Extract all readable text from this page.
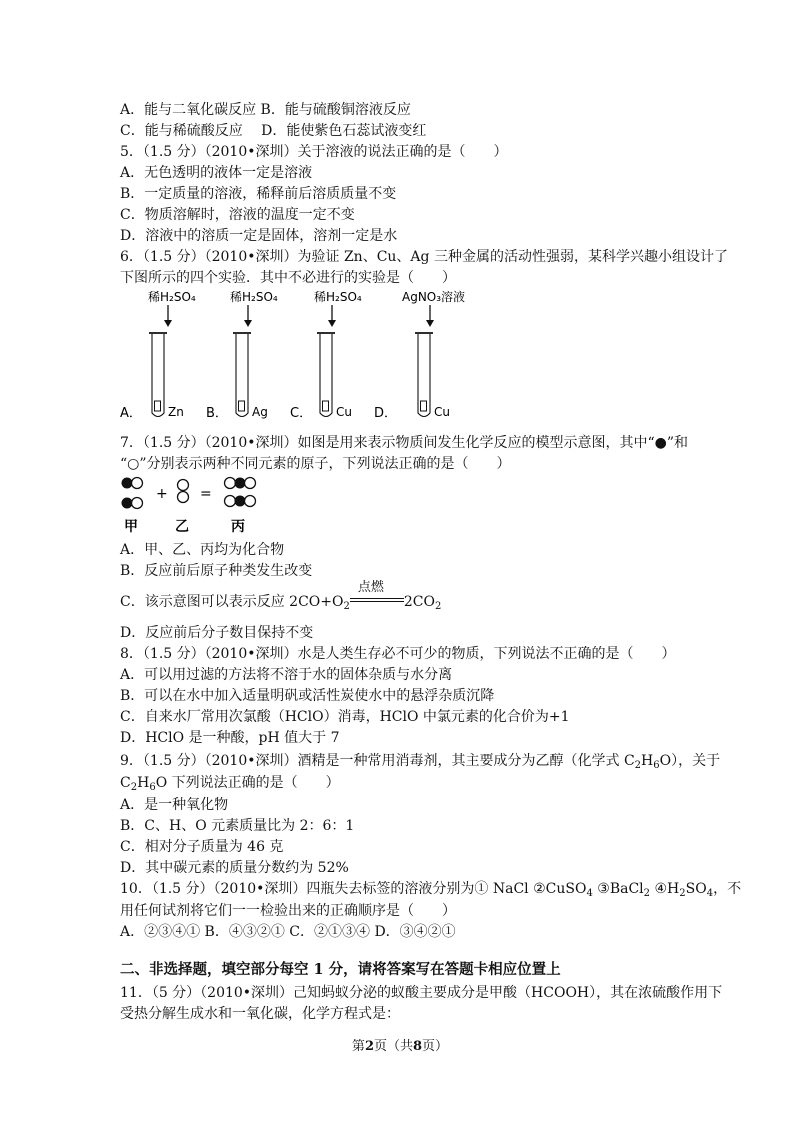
A．能与二氧化碳反应 B．能与硫酸铜溶液反应
C．能与稀硫酸反应　 D．能使紫色石蕊试液变红
5．（1.5 分）（2010•深圳）关于溶液的说法正确的是（　　）
A．无色透明的液体一定是溶液
B．一定质量的溶液，稀释前后溶质质量不变
C．物质溶解时，溶液的温度一定不变
D．溶液中的溶质一定是固体，溶剂一定是水
6．（1.5 分）（2010•深圳）为验证 Zn、Cu、Ag 三种金属的活动性强弱，某科学兴趣小组设计了
下图所示的四个实验．其中不必进行的实验是（　　）
稀H₂SO₄
Zn
稀H₂SO₄
Ag
稀H₂SO₄
Cu
AgNO₃溶液
Cu
A．	B．	C．	D．
7．（1.5 分）（2010•深圳）如图是用来表示物质间发生化学反应的模型示意图，其中“●”和
“○”分别表示两种不同元素的原子，下列说法正确的是（　　）
+ =
甲	乙	丙
A．甲、乙、丙均为化合物
B．反应前后原子种类发生改变
C．该示意图可以表示反应 $2CO+O_2$
点燃
$2CO_2$
D．反应前后分子数目保持不变
8．（1.5 分）（2010•深圳）水是人类生存必不可少的物质，下列说法不正确的是（　　）
A．可以用过滤的方法将不溶于水的固体杂质与水分离
B．可以在水中加入适量明矾或活性炭使水中的悬浮杂质沉降
C．自来水厂常用次氯酸（HClO）消毒，HClO 中氯元素的化合价为+1
D．HClO 是一种酸，pH 值大于 7
9．（1.5 分）（2010•深圳）酒精是一种常用消毒剂，其主要成分为乙醇（化学式 $C_2H_6O$），关于
$C_2H_6O$ 下列说法正确的是（　　）
A．是一种氧化物
B．C、H、O 元素质量比为 2：6：1
C．相对分子质量为 46 克
D．其中碳元素的质量分数约为 52%
10．（1.5 分）（2010•深圳）四瓶失去标签的溶液分别为① NaCl ②CuSO$_4$ ③BaCl$_2$ $④H_2SO_4$，不
用任何试剂将它们一一检验出来的正确顺序是（　　）
A．②③④① B．④③②① C．②①③④ D．③④②①
二、非选择题，填空部分每空 1 分，请将答案写在答题卡相应位置上
11．（5 分）（2010•深圳）己知蚂蚁分泌的蚁酸主要成分是甲酸（HCOOH），其在浓硫酸作用下
受热分解生成水和一氧化碳，化学方程式是：
第2页（共8页）
